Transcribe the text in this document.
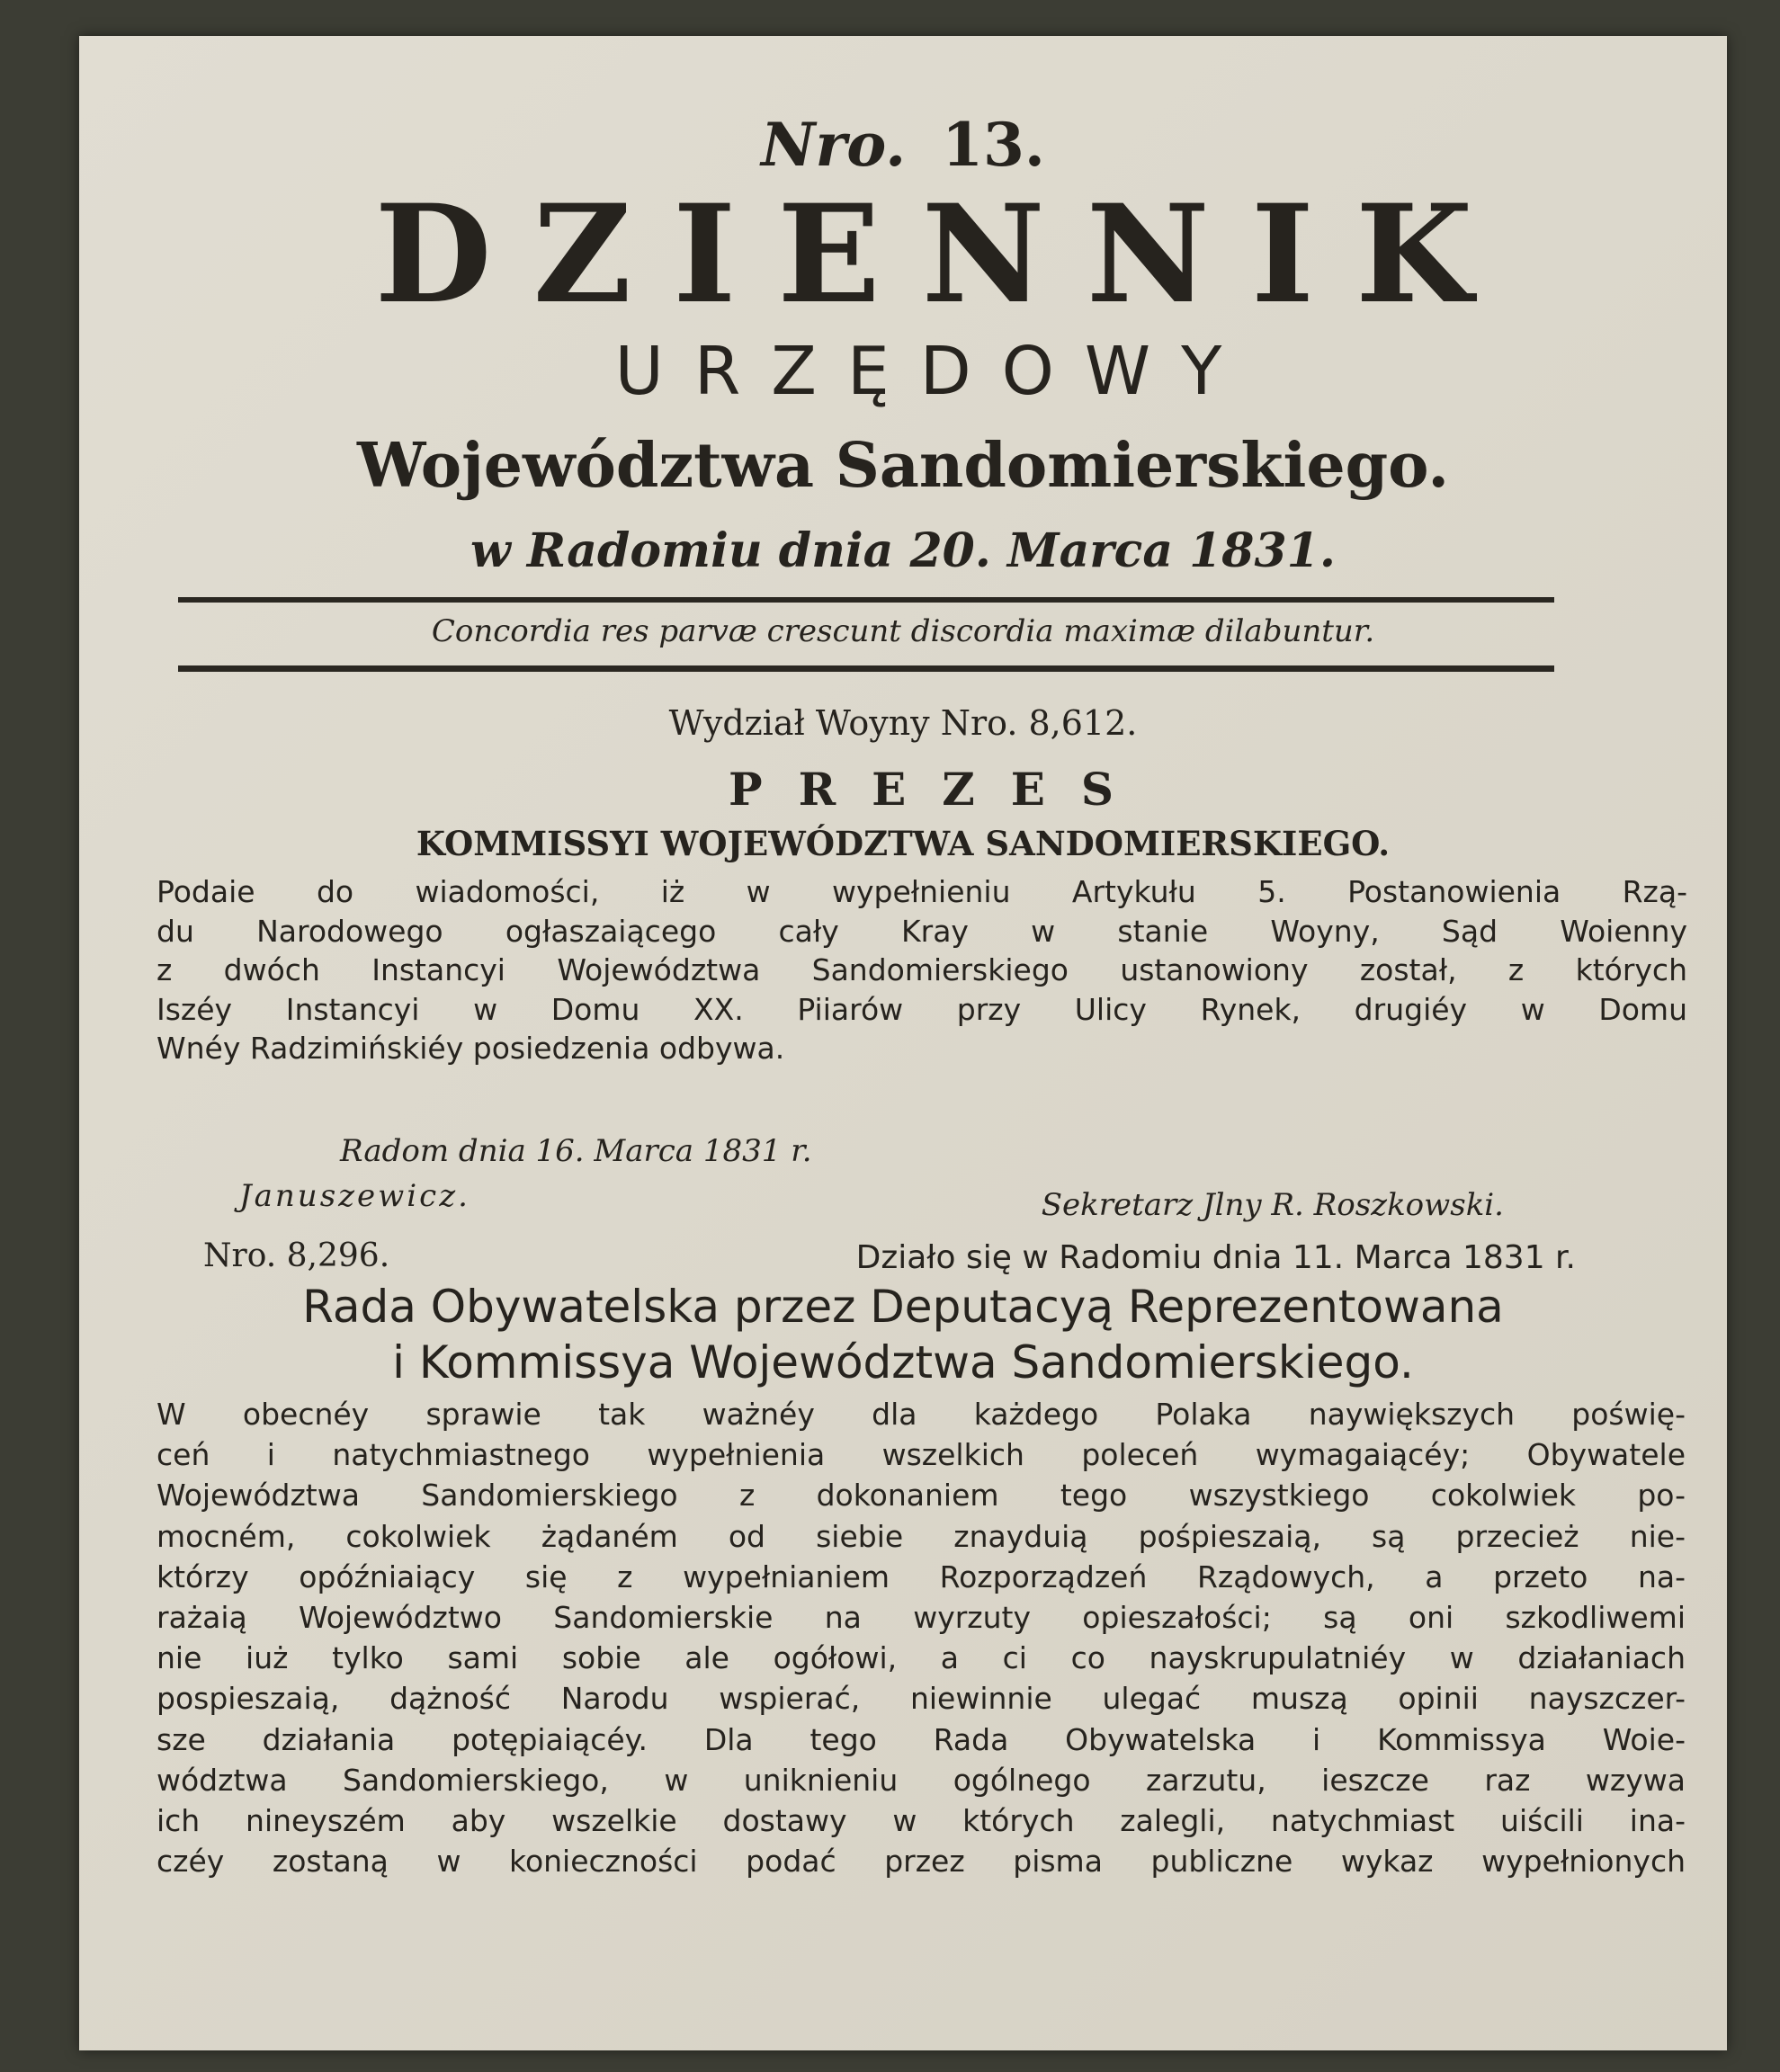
Nro. 13.
DZIENNIK
URZĘDOWY
Województwa Sandomierskiego.
w Radomiu dnia 20. Marca 1831.
Concordia res parvæ crescunt discordia maximæ dilabuntur.
Wydział Woyny Nro. 8,612.
PREZES
KOMMISSYI WOJEWÓDZTWA SANDOMIERSKIEGO.
Podaie do wiadomości, iż w wypełnieniu Artykułu 5. Postanowienia Rzą-
du Narodowego ogłaszaiącego cały Kray w stanie Woyny, Sąd Woienny
z dwóch Instancyi Województwa Sandomierskiego ustanowiony został, z których
Iszéy Instancyi w Domu XX. Piiarów przy Ulicy Rynek, drugiéy w Domu
Wnéy Radzimińskiéy posiedzenia odbywa.
Radom dnia 16. Marca 1831 r.
Januszewicz.	Sekretarz Jlny R. Roszkowski.
Nro. 8,296.	Działo się w Radomiu dnia 11. Marca 1831 r.
Rada Obywatelska przez Deputacyą Reprezentowana
i Kommissya Województwa Sandomierskiego.
W obecnéy sprawie tak ważnéy dla każdego Polaka naywiększych poświę-
ceń i natychmiastnego wypełnienia wszelkich poleceń wymagaiącéy; Obywatele
Województwa Sandomierskiego z dokonaniem tego wszystkiego cokolwiek po-
mocném, cokolwiek żądaném od siebie znayduią pośpieszaią, są przecież nie-
którzy opóźniaiący się z wypełnianiem Rozporządzeń Rządowych, a przeto na-
rażaią Województwo Sandomierskie na wyrzuty opieszałości; są oni szkodliwemi
nie iuż tylko sami sobie ale ogółowi, a ci co nayskrupulatniéy w działaniach
pospieszaią, dążność Narodu wspierać, niewinnie ulegać muszą opinii nayszczer-
sze działania potępiaiącéy. Dla tego Rada Obywatelska i Kommissya Woie-
wództwa Sandomierskiego, w uniknieniu ogólnego zarzutu, ieszcze raz wzywa
ich nineyszém aby wszelkie dostawy w których zalegli, natychmiast uiścili ina-
czéy zostaną w konieczności podać przez pisma publiczne wykaz wypełnionych
